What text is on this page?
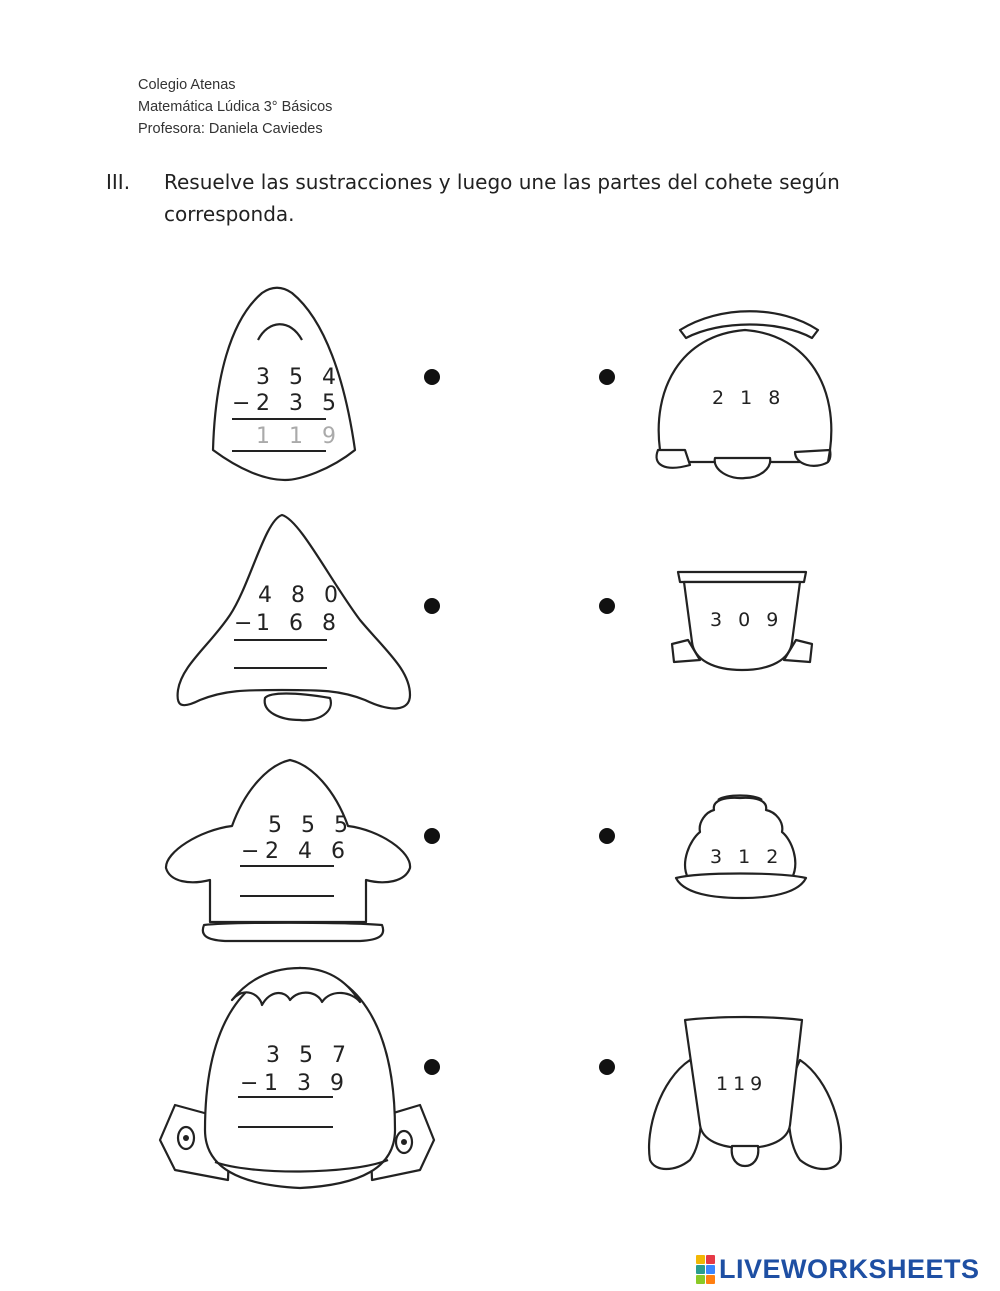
Colegio Atenas
Matemática Lúdica 3° Básicos
Profesora: Daniela Caviedes
III. Resuelve las sustracciones y luego une las partes del cohete según
corresponda.
3 5 4
− 2 3 5
1 1 9
4 8 0
−
1 6 8
5 5 5
− 2 4 6
3 5 7
− 1 3 9
2 1 8
3 0 9
3 1 2
119
LIVEWORKSHEETS
